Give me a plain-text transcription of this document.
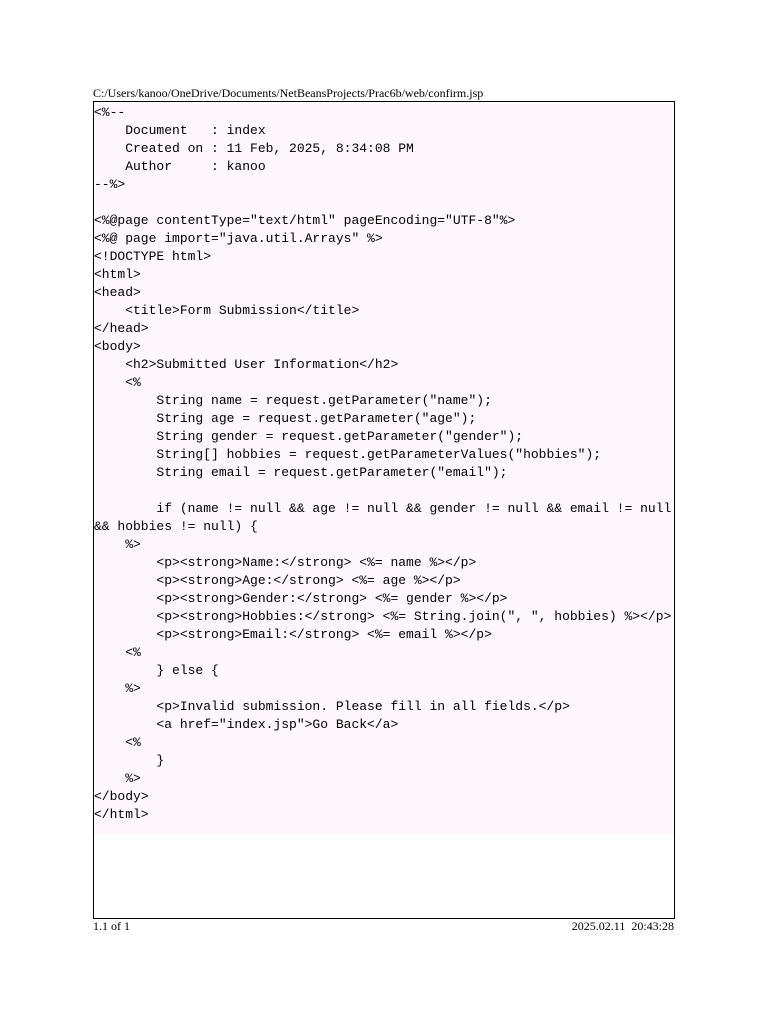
C:/Users/kanoo/OneDrive/Documents/NetBeansProjects/Prac6b/web/confirm.jsp
<%--
Document   : index
Created on : 11 Feb, 2025, 8:34:08 PM
Author     : kanoo
--%>
<%@page contentType="text/html" pageEncoding="UTF-8"%>
<%@ page import="java.util.Arrays" %>
<!DOCTYPE html>
<html>
<head>
<title>Form Submission</title>
</head>
<body>
<h2>Submitted User Information</h2>
<%
String name = request.getParameter("name");
String age = request.getParameter("age");
String gender = request.getParameter("gender");
String[] hobbies = request.getParameterValues("hobbies");
String email = request.getParameter("email");
if (name != null && age != null && gender != null && email != null
&& hobbies != null) {
%>
<p><strong>Name:</strong> <%= name %></p>
<p><strong>Age:</strong> <%= age %></p>
<p><strong>Gender:</strong> <%= gender %></p>
<p><strong>Hobbies:</strong> <%= String.join(", ", hobbies) %></p>
<p><strong>Email:</strong> <%= email %></p>
<%
} else {
%>
<p>Invalid submission. Please fill in all fields.</p>
<a href="index.jsp">Go Back</a>
<%
}
%>
</body>
</html>
1.1 of 1	2025.02.11  20:43:28
